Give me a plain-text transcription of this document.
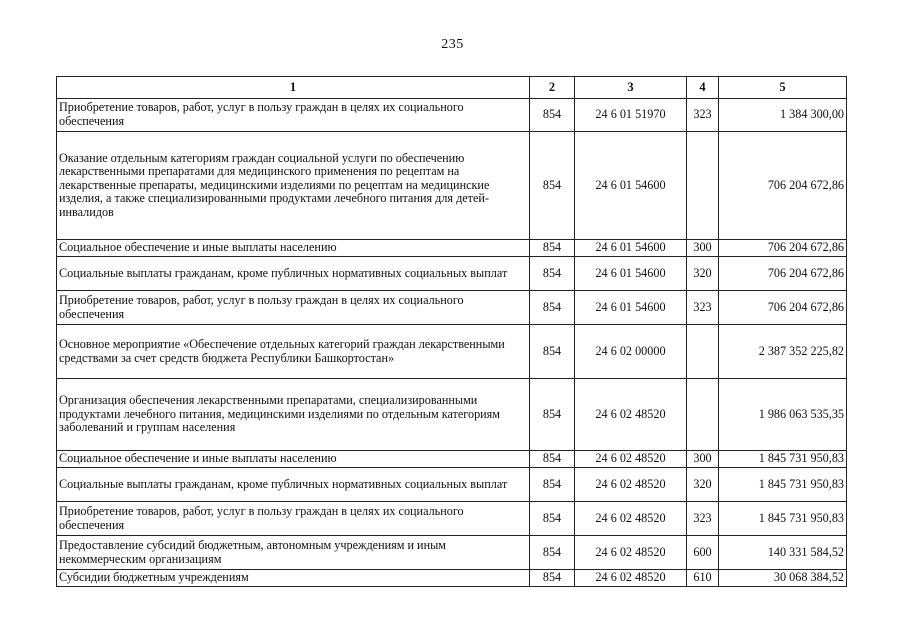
235
1	2	3	4	5
Приобретение товаров, работ, услуг в пользу граждан в целях их социального обеспечения	854	24 6 01 51970	323	1 384 300,00
Оказание отдельным категориям граждан социальной услуги по обеспечению лекарственными препаратами для медицинского применения по рецептам на лекарственные препараты, медицинскими изделиями по рецептам на медицинские изделия, а также специализированными продуктами лечебного питания для детей-инвалидов	854	24 6 01 54600		706 204 672,86
Социальное обеспечение и иные выплаты населению	854	24 6 01 54600	300	706 204 672,86
Социальные выплаты гражданам, кроме публичных нормативных социальных выплат	854	24 6 01 54600	320	706 204 672,86
Приобретение товаров, работ, услуг в пользу граждан в целях их социального обеспечения	854	24 6 01 54600	323	706 204 672,86
Основное мероприятие «Обеспечение отдельных категорий граждан лекарственными средствами за счет средств бюджета Республики Башкортостан»	854	24 6 02 00000		2 387 352 225,82
Организация обеспечения лекарственными препаратами, специализированными продуктами лечебного питания, медицинскими изделиями по отдельным категориям заболеваний и группам населения	854	24 6 02 48520		1 986 063 535,35
Социальное обеспечение и иные выплаты населению	854	24 6 02 48520	300	1 845 731 950,83
Социальные выплаты гражданам, кроме публичных нормативных социальных выплат	854	24 6 02 48520	320	1 845 731 950,83
Приобретение товаров, работ, услуг в пользу граждан в целях их социального обеспечения	854	24 6 02 48520	323	1 845 731 950,83
Предоставление субсидий бюджетным, автономным учреждениям и иным некоммерческим организациям	854	24 6 02 48520	600	140 331 584,52
Субсидии бюджетным учреждениям	854	24 6 02 48520	610	30 068 384,52
